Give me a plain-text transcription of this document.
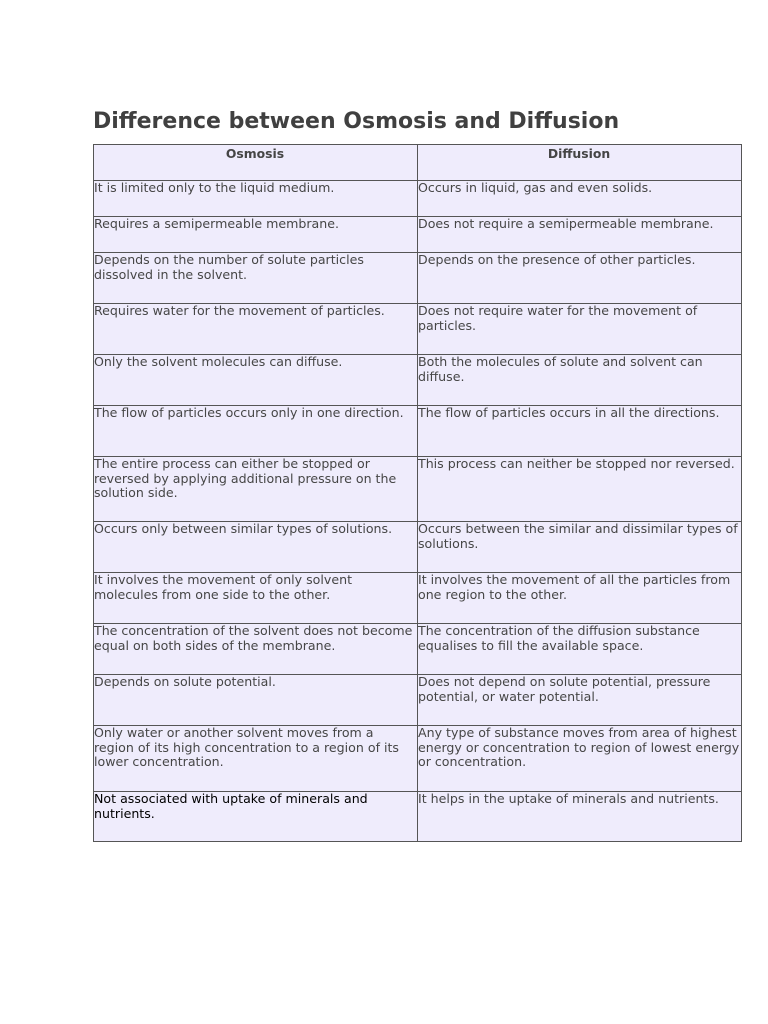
Difference between Osmosis and Diffusion
Osmosis	Diffusion
It is limited only to the liquid medium.	Occurs in liquid, gas and even solids.
Requires a semipermeable membrane.	Does not require a semipermeable membrane.
Depends on the number of solute particles dissolved in the solvent.	Depends on the presence of other particles.
Requires water for the movement of particles.	Does not require water for the movement of particles.
Only the solvent molecules can diffuse.	Both the molecules of solute and solvent can diffuse.
The flow of particles occurs only in one direction.	The flow of particles occurs in all the directions.
The entire process can either be stopped or reversed by applying additional pressure on the solution side.	This process can neither be stopped nor reversed.
Occurs only between similar types of solutions.	Occurs between the similar and dissimilar types of solutions.
It involves the movement of only solvent molecules from one side to the other.	It involves the movement of all the particles from one region to the other.
The concentration of the solvent does not become equal on both sides of the membrane.	The concentration of the diffusion substance equalises to fill the available space.
Depends on solute potential.	Does not depend on solute potential, pressure potential, or water potential.
Only water or another solvent moves from a region of its high concentration to a region of its lower concentration.	Any type of substance moves from area of highest energy or concentration to region of lowest energy or concentration.
Not associated with uptake of minerals and nutrients.	It helps in the uptake of minerals and nutrients.
